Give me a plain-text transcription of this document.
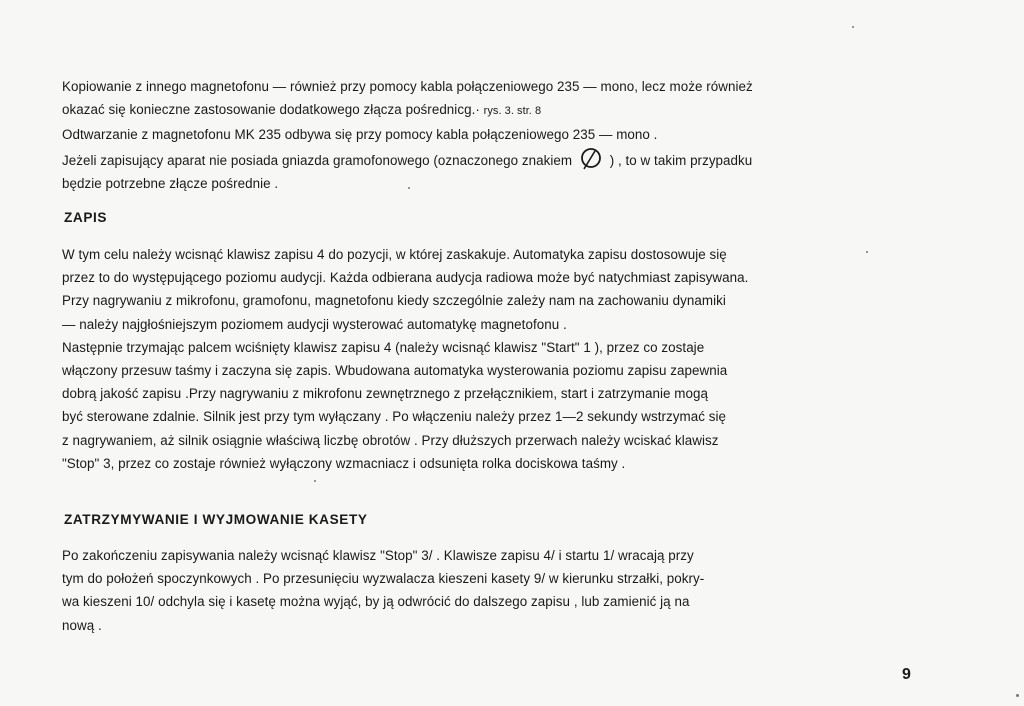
Kopiowanie z innego magnetofonu — również przy pomocy kabla połączeniowego 235 — mono, lecz może również
okazać się konieczne zastosowanie dodatkowego złącza pośrednicg.· rys. 3. str. 8
Odtwarzanie z magnetofonu MK 235 odbywa się przy pomocy kabla połączeniowego 235 — mono .
Jeżeli zapisujący aparat nie posiada gniazda gramofonowego (oznaczonego znakiem	) , to w takim przypadku
będzie potrzebne złącze pośrednie .
ZAPIS
W tym celu należy wcisnąć klawisz zapisu 4 do pozycji, w której zaskakuje. Automatyka zapisu dostosowuje się
przez to do występującego poziomu audycji. Każda odbierana audycja radiowa może być natychmiast zapisywana.
Przy nagrywaniu z mikrofonu, gramofonu, magnetofonu kiedy szczególnie zależy nam na zachowaniu dynamiki
— należy najgłośniejszym poziomem audycji wysterować automatykę magnetofonu .
Następnie trzymając palcem wciśnięty klawisz zapisu 4 (należy wcisnąć klawisz "Start" 1 ), przez co zostaje
włączony przesuw taśmy i zaczyna się zapis. Wbudowana automatyka wysterowania poziomu zapisu zapewnia
dobrą jakość zapisu .Przy nagrywaniu z mikrofonu zewnętrznego z przełącznikiem, start i zatrzymanie mogą
być sterowane zdalnie. Silnik jest przy tym wyłączany . Po włączeniu należy przez 1—2 sekundy wstrzymać się
z nagrywaniem, aż silnik osiągnie właściwą liczbę obrotów . Przy dłuższych przerwach należy wciskać klawisz
"Stop" 3, przez co zostaje również wyłączony wzmacniacz i odsunięta rolka dociskowa taśmy .
ZATRZYMYWANIE I WYJMOWANIE KASETY
Po zakończeniu zapisywania należy wcisnąć klawisz "Stop" 3/ . Klawisze zapisu 4/ i startu 1/ wracają przy
tym do położeń spoczynkowych . Po przesunięciu wyzwalacza kieszeni kasety 9/ w kierunku strzałki, pokry-
wa kieszeni 10/ odchyla się i kasetę można wyjąć, by ją odwrócić do dalszego zapisu , lub zamienić ją na
nową .
9
